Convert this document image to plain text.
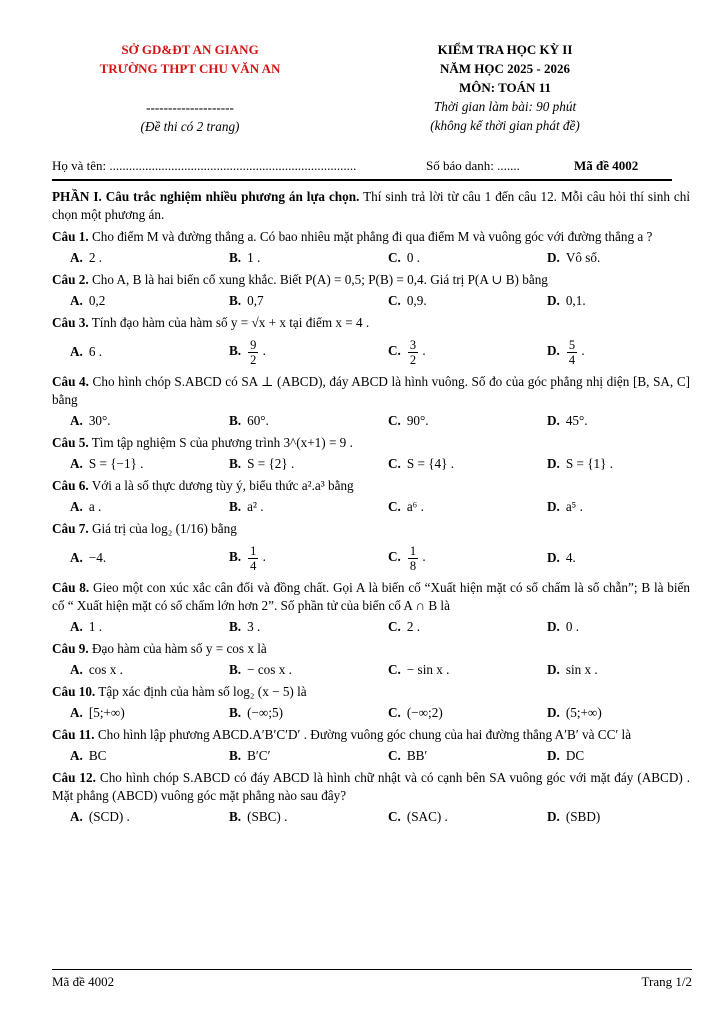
SỞ GD&ĐT AN GIANG
TRƯỜNG THPT CHU VĂN AN
--------------------
(Đề thi có 2 trang)
KIỂM TRA HỌC KỲ II
NĂM HỌC 2025 - 2026
MÔN: TOÁN 11
Thời gian làm bài: 90 phút
(không kể thời gian phát đề)
Họ và tên: ............................................................................	Số báo danh: .......	Mã đề 4002

PHẦN I. Câu trắc nghiệm nhiều phương án lựa chọn. Thí sinh trả lời từ câu 1 đến câu 12. Mỗi câu hỏi thí sinh chỉ chọn một phương án.

Câu 1. Cho điểm M và đường thẳng a. Có bao nhiêu mặt phẳng đi qua điểm M và vuông góc với đường thẳng a ?

A. 2 .	B. 1 .	C. 0 .	D. Vô số.

Câu 2. Cho A, B là hai biến cố xung khắc. Biết P(A) = 0,5; P(B) = 0,4. Giá trị P(A ∪ B) bằng

A. 0,2	B. 0,7	C. 0,9.	D. 0,1.

Câu 3. Tính đạo hàm của hàm số y = √x + x tại điểm x = 4 .

A. 6 .	B. $\frac{9}{2}$ .	C. $\frac{3}{2}$ .	D. $\frac{5}{4}$ .

Câu 4. Cho hình chóp S.ABCD có SA ⊥ (ABCD), đáy ABCD là hình vuông. Số đo của góc phẳng nhị diện [B, SA, C] bằng

A. 30°.	B. 60°.	C. 90°.	D. 45°.

Câu 5. Tìm tập nghiệm S của phương trình 3^(x+1) = 9 .

A. S = {−1} .	B. S = {2} .	C. S = {4} .	D. S = {1} .

Câu 6. Với a là số thực dương tùy ý, biểu thức a².a³ bằng

A. a .	B. a² .	C. a⁶ .	D. a⁵ .

Câu 7. Giá trị của log₂ (1/16) bằng

A. −4.	B. $\frac{1}{4}$ .	C. $\frac{1}{8}$ .	D. 4.

Câu 8. Gieo một con xúc xắc cân đối và đồng chất. Gọi A là biến cố “Xuất hiện mặt có số chấm là số chẵn”; B là biến cố “ Xuất hiện mặt có số chấm lớn hơn 2”. Số phần tử của biến cố A ∩ B là

A. 1 .	B. 3 .	C. 2 .	D. 0 .

Câu 9. Đạo hàm của hàm số y = cos x là

A. cos x .	B. − cos x .	C. − sin x .	D. sin x .

Câu 10. Tập xác định của hàm số log₂ (x − 5) là

A. [5;+∞)	B. (−∞;5)	C. (−∞;2)	D. (5;+∞)

Câu 11. Cho hình lập phương ABCD.A′B′C′D′ . Đường vuông góc chung của hai đường thẳng A′B′ và CC′ là

A. BC	B. B′C′	C. BB′	D. DC

Câu 12. Cho hình chóp S.ABCD có đáy ABCD là hình chữ nhật và có cạnh bên SA vuông góc với mặt đáy (ABCD) . Mặt phẳng (ABCD) vuông góc mặt phẳng nào sau đây?

A. (SCD) .	B. (SBC) .	C. (SAC) .	D. (SBD)
Mã đề 4002	Trang 1/2
